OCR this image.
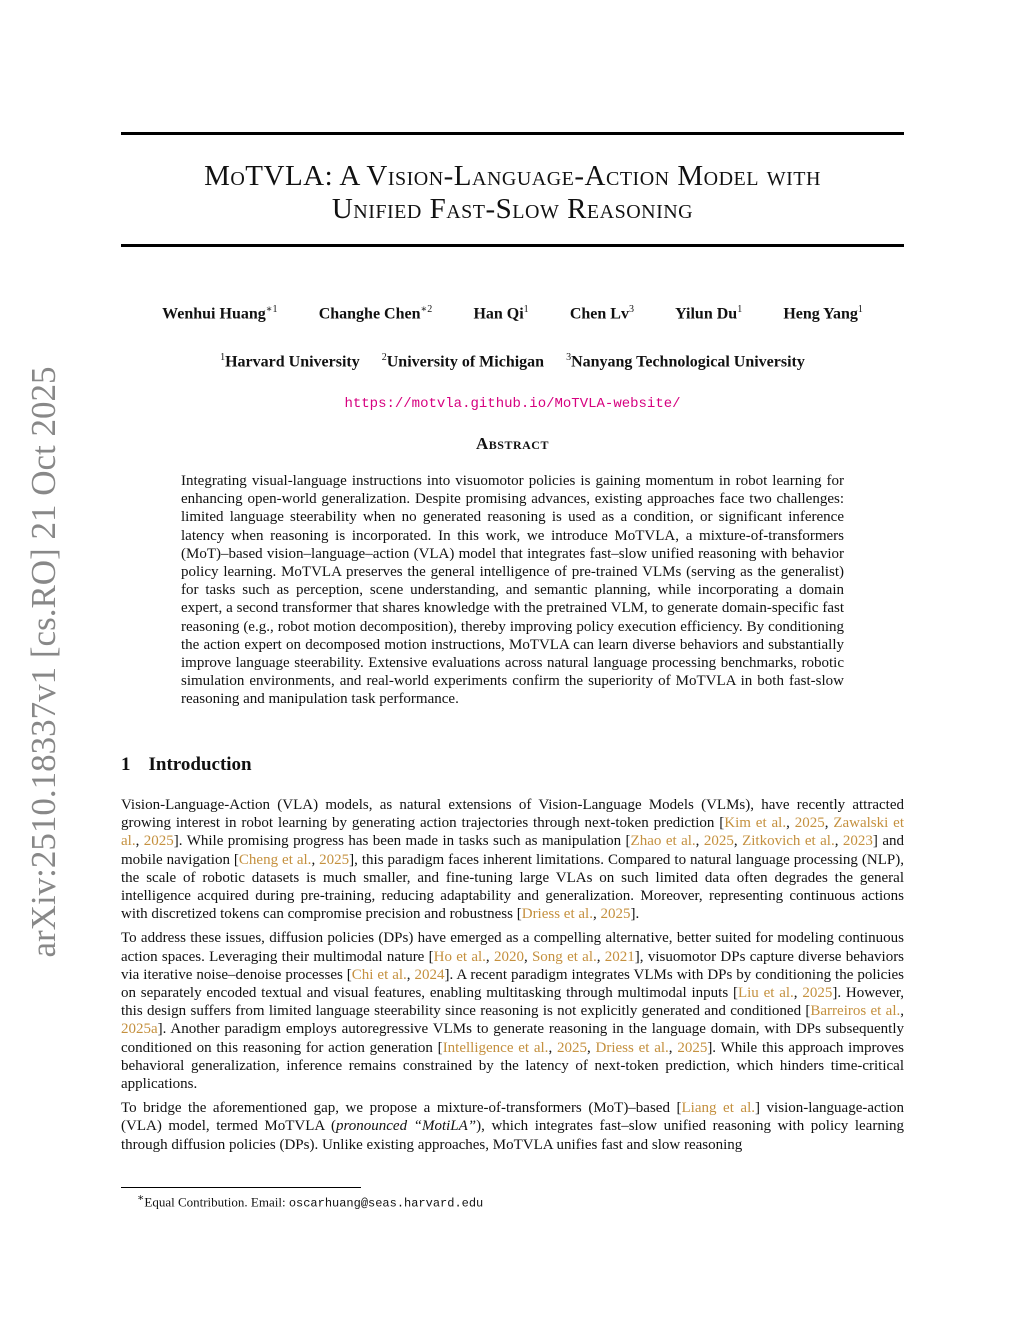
arXiv:2510.18337v1 [cs.RO] 21 Oct 2025
MoTVLA: A Vision-Language-Action Model with
Unified Fast-Slow Reasoning
Wenhui Huang$^{∗1}$	Changhe Chen$^{∗2}$	Han Qi$^1$	Chen Lv$^3$	Yilun Du$^1$	Heng Yang$^1$
$^1$Harvard University $^2$University of Michigan $^3$Nanyang Technological University
https://motvla.github.io/MoTVLA-website/
Abstract
Integrating visual-language instructions into visuomotor policies is gaining momentum in robot learning for enhancing open-world generalization. Despite promising advances, existing approaches face two challenges: limited language steerability when no generated reasoning is used as a condition, or significant inference latency when reasoning is incorporated. In this work, we introduce MoTVLA, a mixture-of-transformers (MoT)–based vision–language–action (VLA) model that integrates fast–slow unified reasoning with behavior policy learning. MoTVLA preserves the general intelligence of pre-trained VLMs (serving as the generalist) for tasks such as perception, scene understanding, and semantic planning, while incorporating a domain expert, a second transformer that shares knowledge with the pretrained VLM, to generate domain-specific fast reasoning (e.g., robot motion decomposition), thereby improving policy execution efficiency. By conditioning the action expert on decomposed motion instructions, MoTVLA can learn diverse behaviors and substantially improve language steerability. Extensive evaluations across natural language processing benchmarks, robotic simulation environments, and real-world experiments confirm the superiority of MoTVLA in both fast-slow reasoning and manipulation task performance.
1 Introduction

Vision-Language-Action (VLA) models, as natural extensions of Vision-Language Models (VLMs), have recently attracted growing interest in robot learning by generating action trajectories through next-token prediction [Kim et al., 2025, Zawalski et al., 2025]. While promising progress has been made in tasks such as manipulation [Zhao et al., 2025, Zitkovich et al., 2023] and mobile navigation [Cheng et al., 2025], this paradigm faces inherent limitations. Compared to natural language processing (NLP), the scale of robotic datasets is much smaller, and fine-tuning large VLAs on such limited data often degrades the general intelligence acquired during pre-training, reducing adaptability and generalization. Moreover, representing continuous actions with discretized tokens can compromise precision and robustness [Driess et al., 2025].

To address these issues, diffusion policies (DPs) have emerged as a compelling alternative, better suited for modeling continuous action spaces. Leveraging their multimodal nature [Ho et al., 2020, Song et al., 2021], visuomotor DPs capture diverse behaviors via iterative noise–denoise processes [Chi et al., 2024]. A recent paradigm integrates VLMs with DPs by conditioning the policies on separately encoded textual and visual features, enabling multitasking through multimodal inputs [Liu et al., 2025]. However, this design suffers from limited language steerability since reasoning is not explicitly generated and conditioned [Barreiros et al., 2025a]. Another paradigm employs autoregressive VLMs to generate reasoning in the language domain, with DPs subsequently conditioned on this reasoning for action generation [Intelligence et al., 2025, Driess et al., 2025]. While this approach improves behavioral generalization, inference remains constrained by the latency of next-token prediction, which hinders time-critical applications.

To bridge the aforementioned gap, we propose a mixture-of-transformers (MoT)–based [Liang et al.] vision-language-action (VLA) model, termed MoTVLA (pronounced “MotiLA”), which integrates fast–slow unified reasoning with policy learning through diffusion policies (DPs). Unlike existing approaches, MoTVLA unifies fast and slow reasoning

∗Equal Contribution. Email: oscarhuang@seas.harvard.edu
